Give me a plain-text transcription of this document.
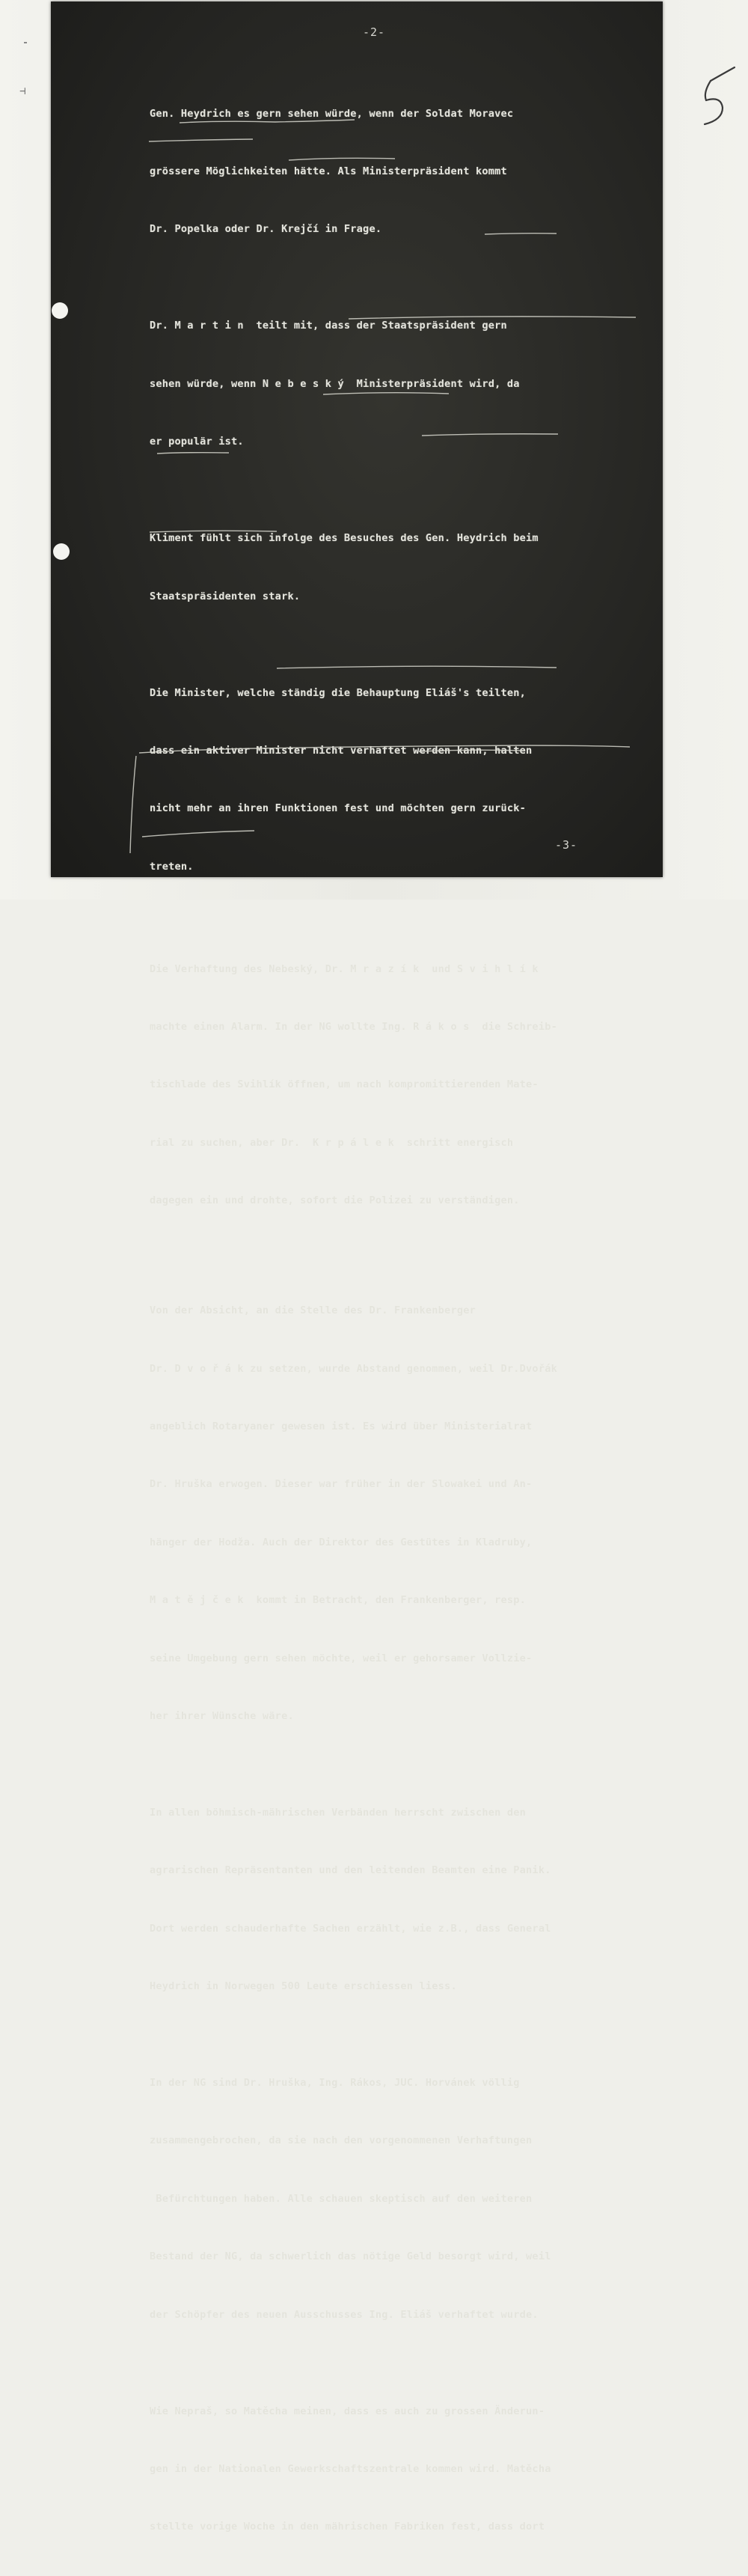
⊣
-2-

Gen. Heydrich es gern sehen würde, wenn der Soldat Moravec

grössere Möglichkeiten hätte. Als Ministerpräsident kommt

Dr. Popelka oder Dr. Krejčí in Frage.

Dr. M a r t i n  teilt mit, dass der Staatspräsident gern

sehen würde, wenn N e b e s k ý  Ministerpräsident wird, da

er populär ist.

Kliment fühlt sich infolge des Besuches des Gen. Heydrich beim

Staatspräsidenten stark.

Die Minister, welche ständig die Behauptung Eliáš's teilten,

dass ein aktiver Minister nicht verhaftet werden kann, halten

nicht mehr an ihren Funktionen fest und möchten gern zurück-

treten.

Die Verhaftung des Nebeský, Dr. M r a z í k  und S v i h l í k

machte einen Alarm. In der NG wollte Ing. R á k o s  die Schreib-

tischlade des Svihlík öffnen, um nach kompromittierenden Mate-

rial zu suchen, aber Dr.  K r p á l e k  schritt energisch

dagegen ein und drohte, sofort die Polizei zu verständigen.

Von der Absicht, an die Stelle des Dr. Frankenberger

Dr. D v o ř á k zu setzen, wurde Abstand genommen, weil Dr.Dvořák

angeblich Rotaryaner gewesen ist. Es wird über Ministerialrat

Dr. Hruška erwogen. Dieser war früher in der Slowakei und An-

hänger der Hodža. Auch der Direktor des Gestütes in Kladruby,

M a t ě j č e k  kommt in Betracht, den Frankenberger, resp.

seine Umgebung gern sehen möchte, weil er gehorsamer Vollzie-

her ihrer Wünsche wäre.

In allen böhmisch-mährischen Verbänden herrscht zwischen den

agrarischen Repräsentanten und den leitenden Beamten eine Panik.

Dort werden schauderhafte Sachen erzählt, wie z.B., dass General

Heydrich in Norwegen 500 Leute erschiessen liess.

In der NG sind Dr. Hruška, Ing. Rákos, JUC. Horvánek völlig

zusammengebrochen, da sie nach den vorgenommenen Verhaftungen

Befürchtungen haben. Alle schauen skeptisch auf den weiteren

Bestand der NG, da schwerlich das nötige Geld besorgt wird, weil

der Schöpfer des neuen Ausschusses Ing. Eliáš verhaftet wurde.

Wie Nepraš, so Matěcha meinen, dass es auch zu grossen Änderun-

gen in der Nationalen Gewerkschaftszentrale kommen wird. Matěcha

stellte vorige Woche in den mährischen Fabriken fest, dass dort

-3-
